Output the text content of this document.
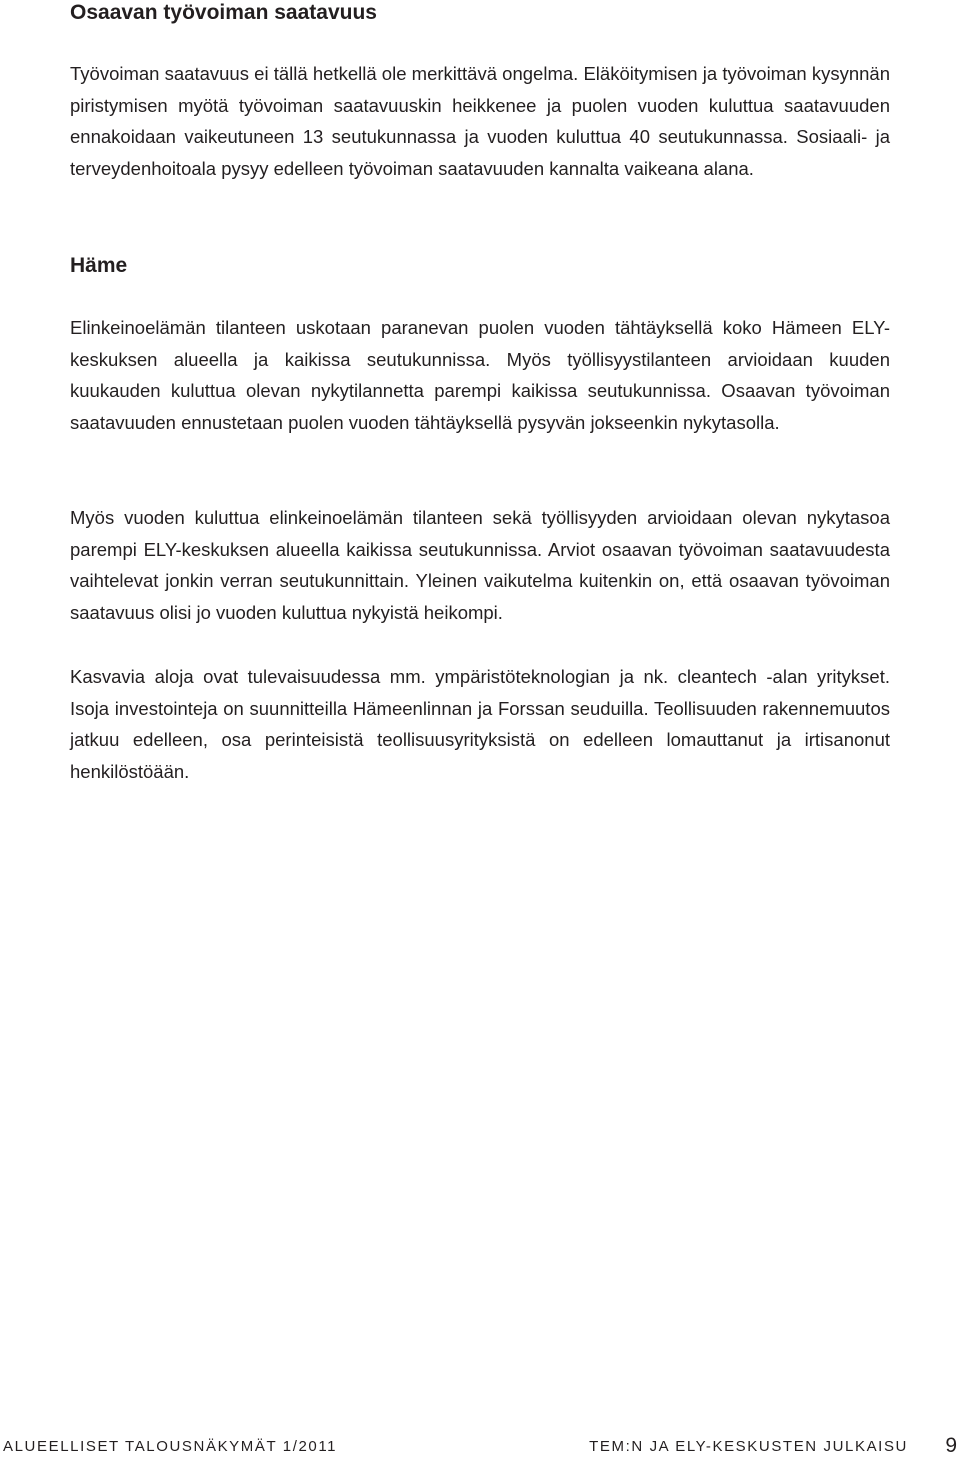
Osaavan työvoiman saatavuus

Työvoiman saatavuus ei tällä hetkellä ole merkittävä ongelma. Eläköitymisen ja työvoiman kysynnän piristymisen myötä työvoiman saatavuuskin heikkenee ja puolen vuoden kuluttua saatavuuden ennakoidaan vaikeutuneen 13 seutukunnassa ja vuoden kuluttua 40 seutukunnassa. Sosiaali- ja terveydenhoitoala pysyy edelleen työvoiman saatavuuden kannalta vaikeana alana.

Häme

Elinkeinoelämän tilanteen uskotaan paranevan puolen vuoden tähtäyksellä koko Hämeen ELY-keskuksen alueella ja kaikissa seutukunnissa. Myös työllisyystilanteen arvioidaan kuuden kuukauden kuluttua olevan nykytilannetta parempi kaikissa seutukunnissa. Osaavan työvoiman saatavuuden ennustetaan puolen vuoden tähtäyksellä pysyvän jokseenkin nykytasolla.

Myös vuoden kuluttua elinkeinoelämän tilanteen sekä työllisyyden arvioidaan olevan nykytasoa parempi ELY-keskuksen alueella kaikissa seutukunnissa. Arviot osaavan työvoiman saatavuudesta vaihtelevat jonkin verran seutukunnittain. Yleinen vaikutelma kuitenkin on, että osaavan työvoiman saatavuus olisi jo vuoden kuluttua nykyistä heikompi.

Kasvavia aloja ovat tulevaisuudessa mm. ympäristöteknologian ja nk. cleantech -alan yritykset. Isoja investointeja on suunnitteilla Hämeenlinnan ja Forssan seuduilla. Teollisuuden rakennemuutos jatkuu edelleen, osa perinteisistä teollisuusyrityksistä on edelleen lomauttanut ja irtisanonut henkilöstöään.

ALUEELLISET TALOUSNÄKYMÄT 1/2011	TEM:N JA ELY-KESKUSTEN JULKAISU 9
